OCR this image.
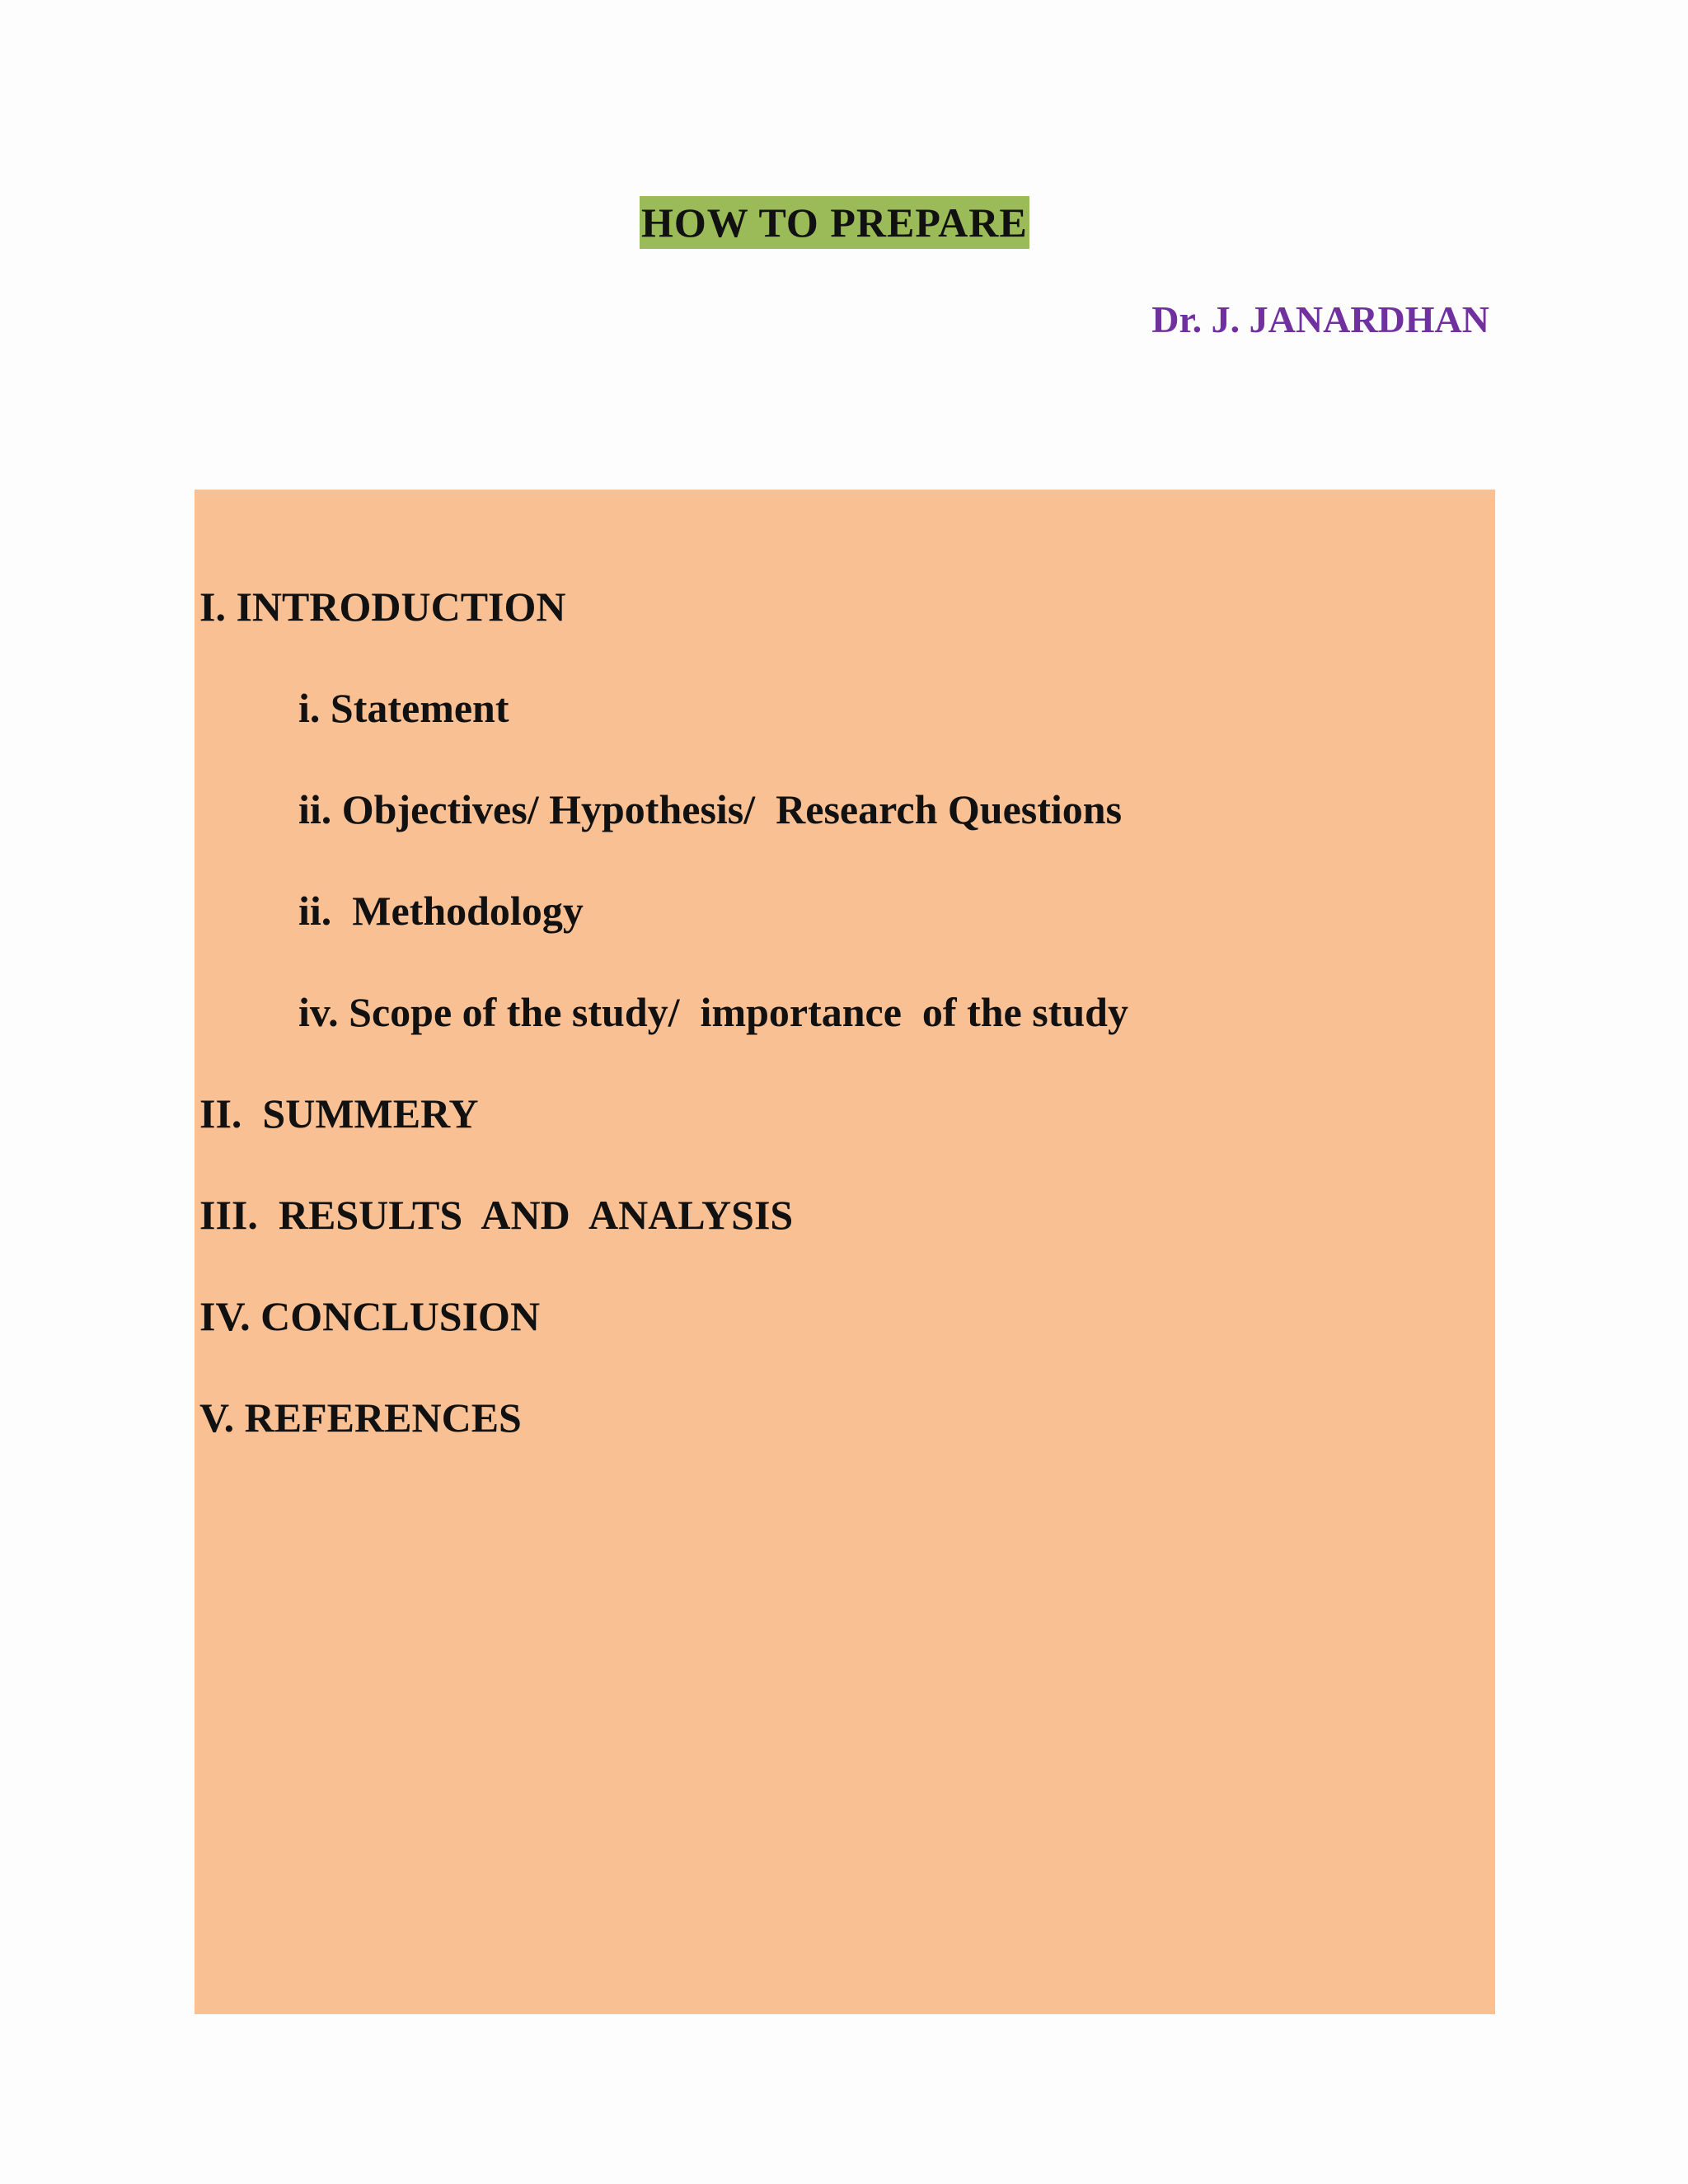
HOW TO PREPARE
Dr. J. JANARDHAN
I. INTRODUCTION
i. Statement
ii. Objectives/ Hypothesis/  Research Questions
ii.  Methodology
iv. Scope of the study/  importance  of the study
II.  SUMMERY
III.  RESULTS  AND  ANALYSIS
IV. CONCLUSION
V. REFERENCES
